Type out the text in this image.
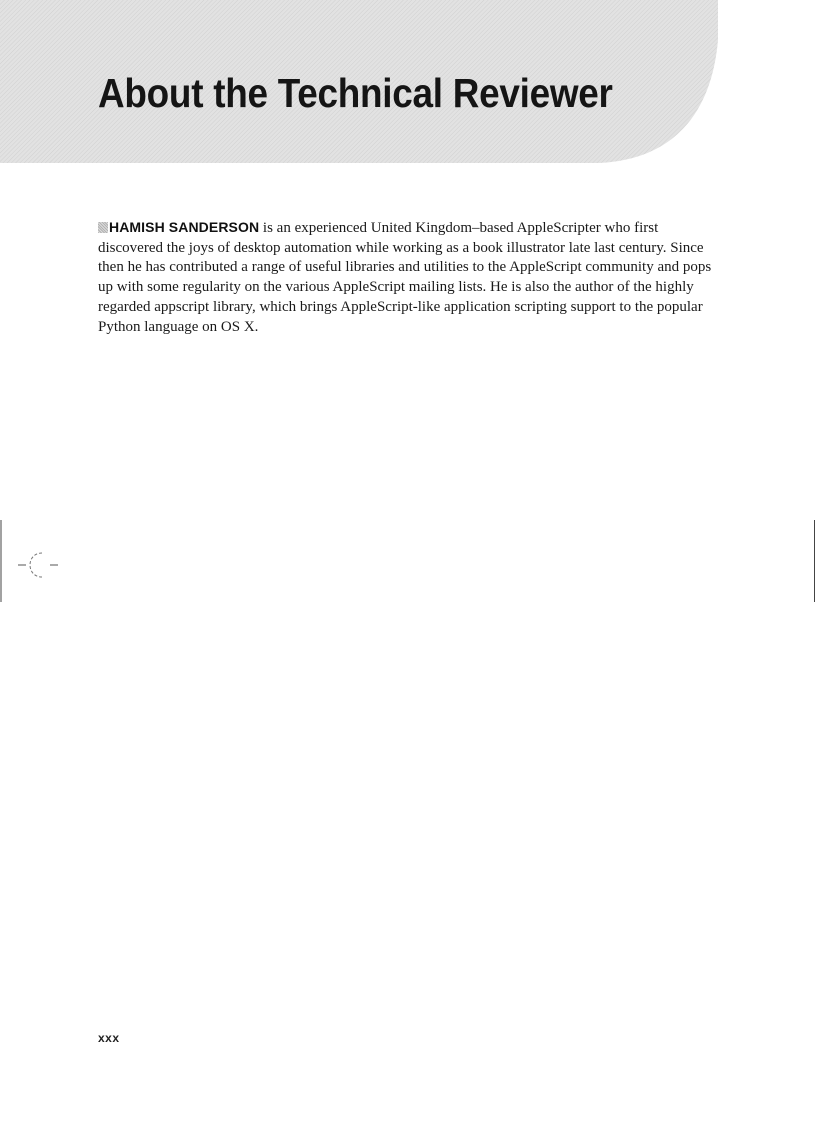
About the Technical Reviewer

HAMISH SANDERSON is an experienced United Kingdom–based AppleScripter who first discovered the joys of desktop automation while working as a book illustrator late last century. Since then he has contributed a range of useful libraries and utilities to the AppleScript community and pops up with some regularity on the various AppleScript mailing lists. He is also the author of the highly regarded appscript library, which brings AppleScript-like application scripting support to the popular Python language on OS X.

xxx
